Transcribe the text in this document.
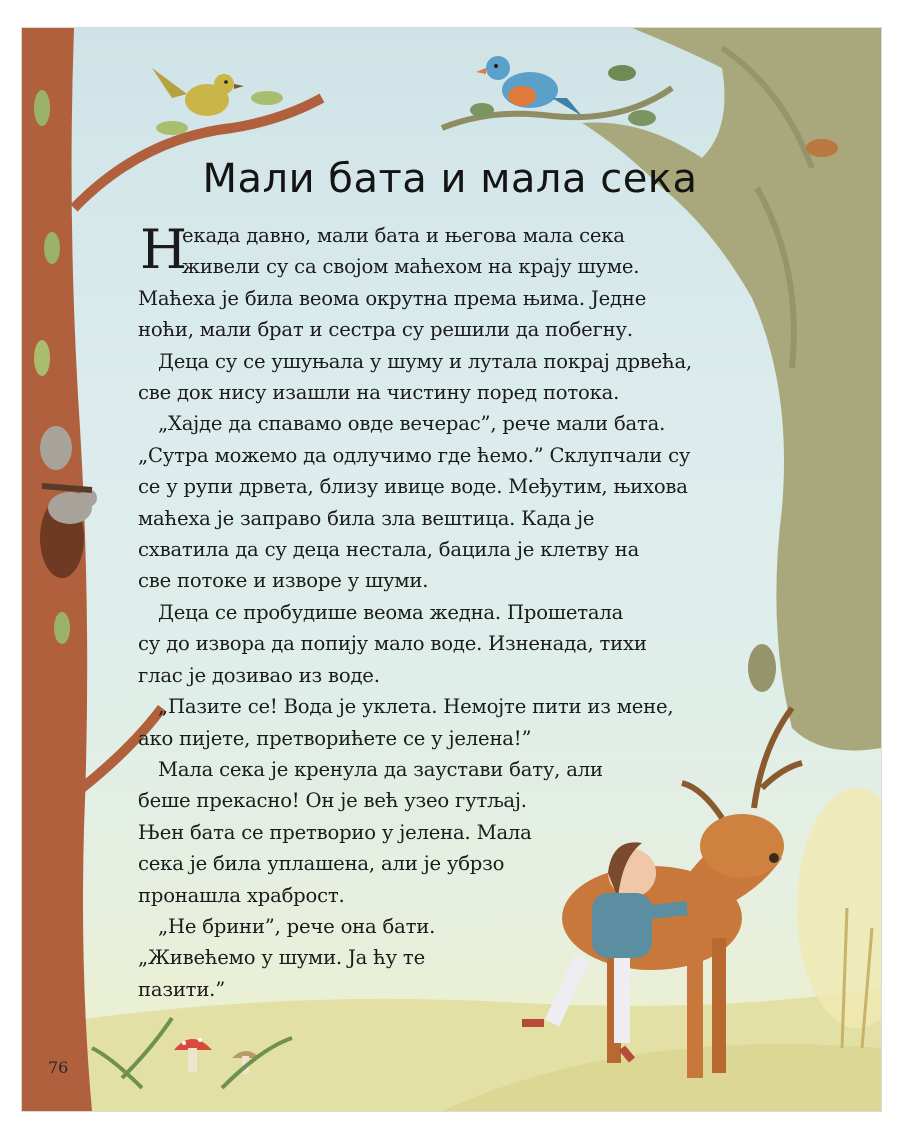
Мали бата и мала сека
Н

екада давно, мали бата и његова мала сека

живели су са својом маћехом на крају шуме.

Маћеха је била веома окрутна према њима. Једне

ноћи, мали брат и сестра су решили да побегну.

Деца су се ушуњала у шуму и лутала покрај дрвећа,

све док нису изашли на чистину поред потока.

„Хајде да спавамо овде вечерас”, рече мали бата.

„Сутра можемо да одлучимо где ћемо.” Склупчали су

се у рупи дрвета, близу ивице воде. Међутим, њихова

маћеха је заправо била зла вештица. Када је

схватила да су деца нестала, бацила је клетву на

све потоке и изворе у шуми.

Деца се пробудише веома жедна. Прошетала

су до извора да попију мало воде. Изненада, тихи

глас је дозивао из воде.

„Пазите се! Вода је уклета. Немојте пити из мене,

ако пијете, претворићете се у јелена!”

Мала сека је кренула да заустави бату, али

беше прекасно! Он је већ узео гутљај.

Њен бата се претворио у јелена. Мала

сека је била уплашена, али је убрзо

пронашла храброст.

„Не брини”, рече она бати.

„Живећемо у шуми. Ја ћу те

пазити.”

76
